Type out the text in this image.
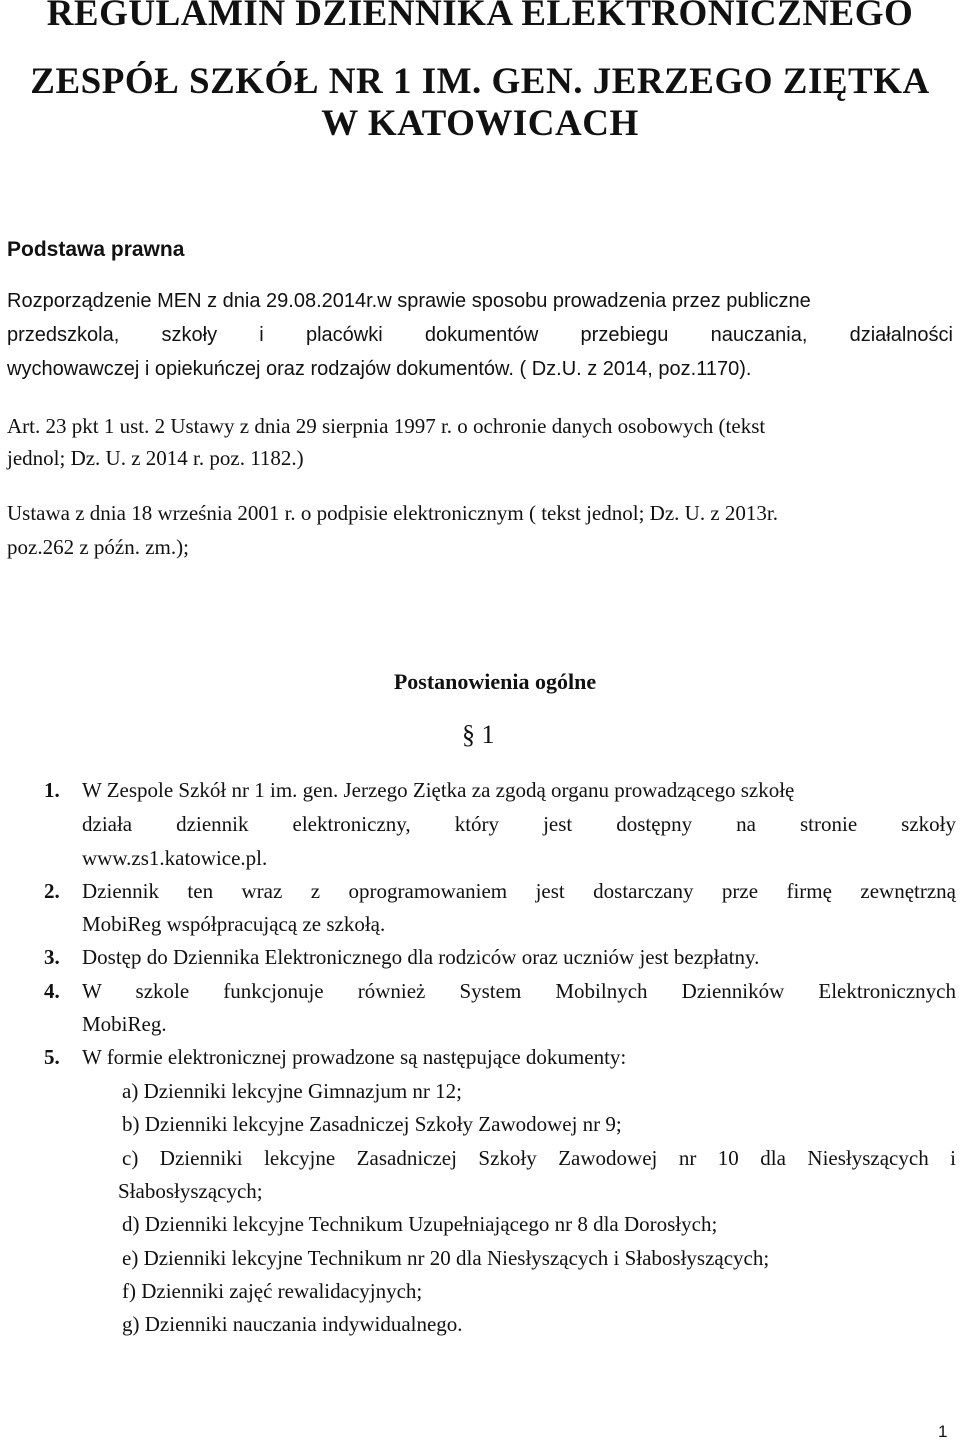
REGULAMIN DZIENNIKA ELEKTRONICZNEGO
ZESPÓŁ SZKÓŁ NR 1 IM. GEN. JERZEGO ZIĘTKA
W KATOWICACH
Podstawa prawna
Rozporządzenie MEN z dnia 29.08.2014r.w sprawie sposobu prowadzenia przez publiczne
przedszkola, szkoły i placówki dokumentów przebiegu nauczania, działalności
wychowawczej i opiekuńczej oraz rodzajów dokumentów. ( Dz.U. z 2014, poz.1170).
Art. 23 pkt 1 ust. 2 Ustawy z dnia 29 sierpnia 1997 r. o ochronie danych osobowych (tekst
jednol; Dz. U. z 2014 r. poz. 1182.)
Ustawa z dnia 18 września 2001 r. o podpisie elektronicznym ( tekst jednol; Dz. U. z 2013r.
poz.262 z późn. zm.);
Postanowienia ogólne
§ 1
1. W Zespole Szkół nr 1 im. gen. Jerzego Ziętka za zgodą organu prowadzącego szkołę
działa dziennik elektroniczny, który jest dostępny na stronie szkoły
www.zs1.katowice.pl.
2. Dziennik ten wraz z oprogramowaniem jest dostarczany prze firmę zewnętrzną
MobiReg współpracującą ze szkołą.
3. Dostęp do Dziennika Elektronicznego dla rodziców oraz uczniów jest bezpłatny.
4. W szkole funkcjonuje również System Mobilnych Dzienników Elektronicznych
MobiReg.
5. W formie elektronicznej prowadzone są następujące dokumenty:
a) Dzienniki lekcyjne Gimnazjum nr 12;
b) Dzienniki lekcyjne Zasadniczej Szkoły Zawodowej nr 9;
c) Dzienniki lekcyjne Zasadniczej Szkoły Zawodowej nr 10 dla Niesłyszących i
Słabosłyszących;
d) Dzienniki lekcyjne Technikum Uzupełniającego nr 8 dla Dorosłych;
e) Dzienniki lekcyjne Technikum nr 20 dla Niesłyszących i Słabosłyszących;
f) Dzienniki zajęć rewalidacyjnych;
g) Dzienniki nauczania indywidualnego.
1
